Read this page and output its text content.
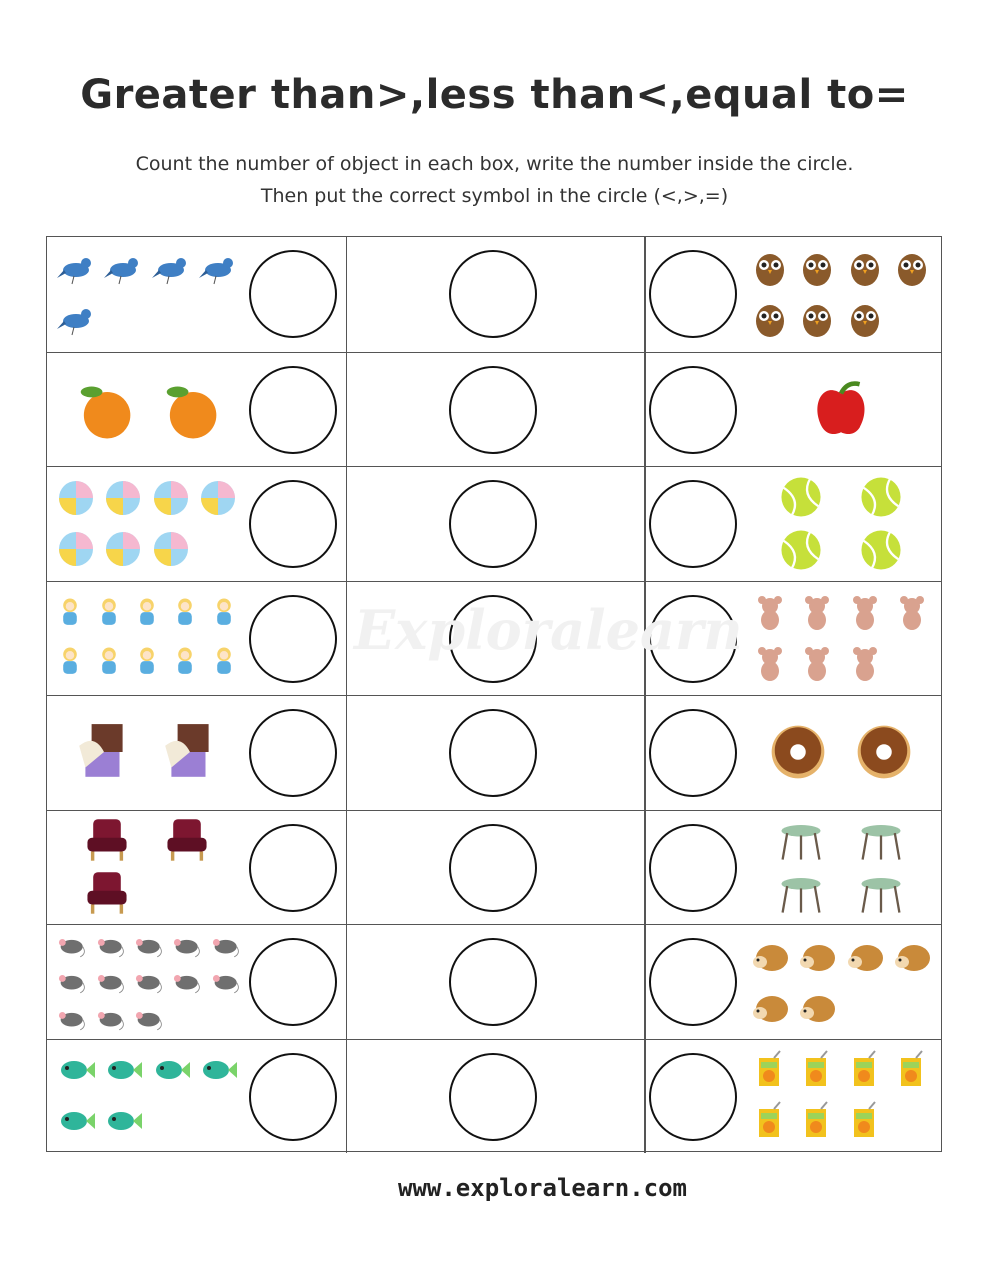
Greater than>,less than<,equal to=
Count the number of object in each box, write the number inside the circle.
Then put the correct symbol in the circle (<,>,=)
Exploralearn
www.exploralearn.com
